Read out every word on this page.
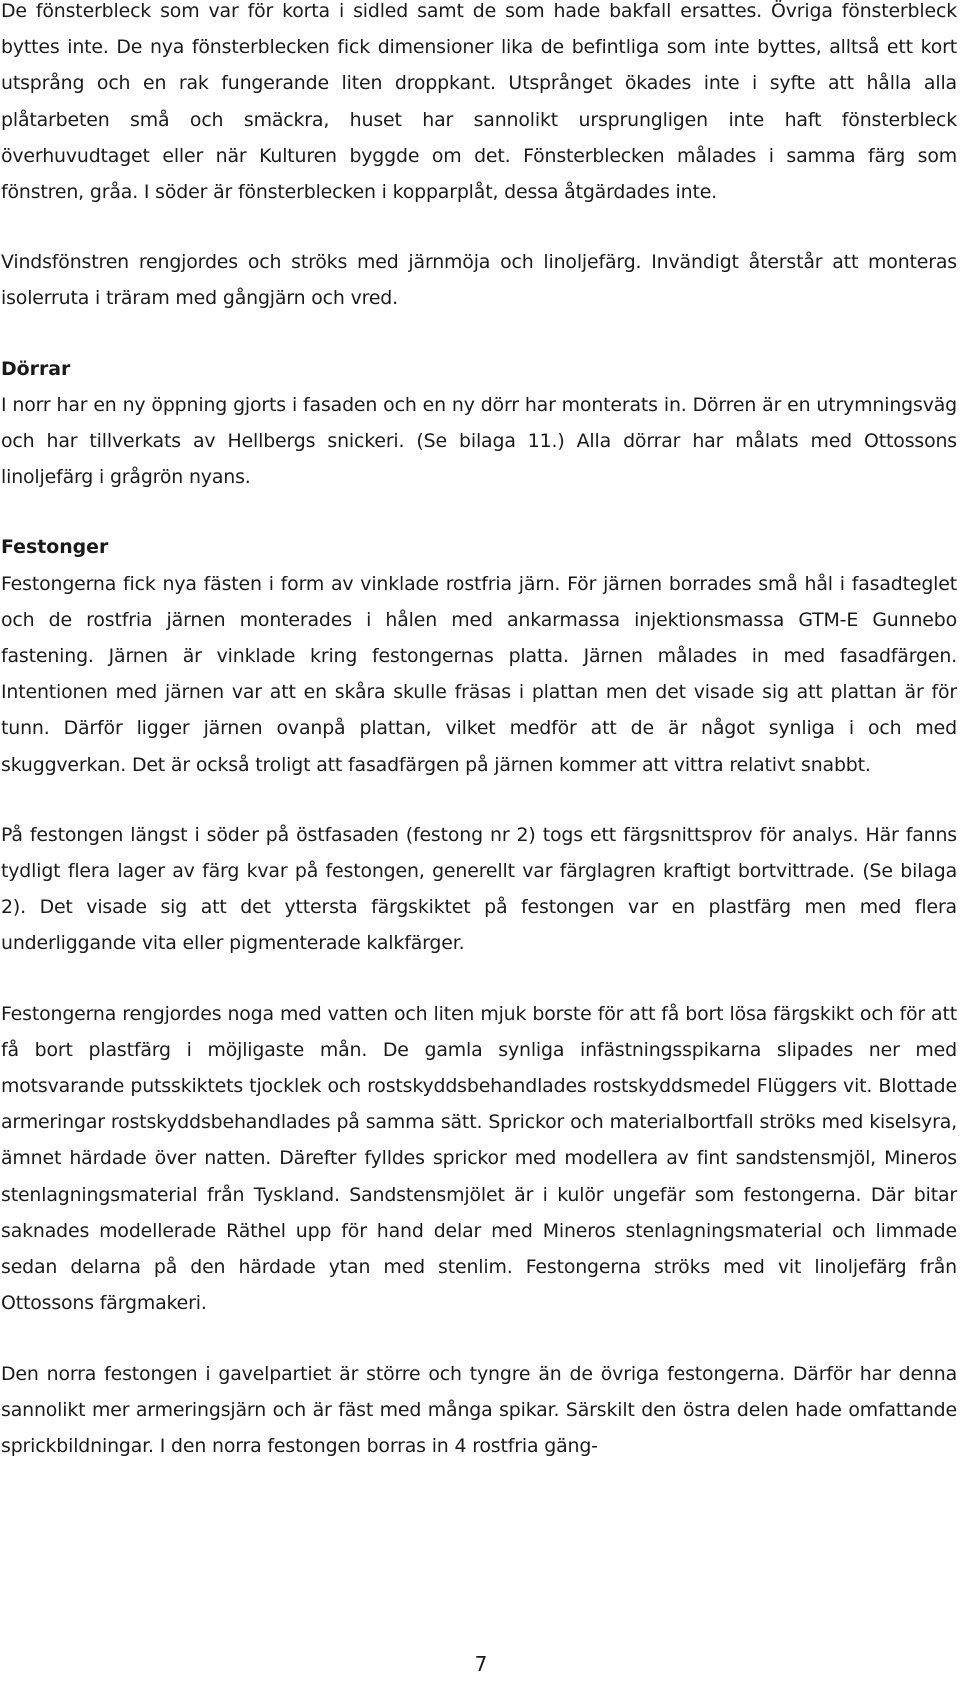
De fönsterbleck som var för korta i sidled samt de som hade bakfall ersattes. Övriga fönsterbleck byttes inte. De nya fönsterblecken fick dimensioner lika de befintliga som inte byttes, alltså ett kort utsprång och en rak fungerande liten droppkant. Utsprånget ökades inte i syfte att hålla alla plåtarbeten små och smäckra, huset har sannolikt ursprungligen inte haft fönsterbleck överhuvudtaget eller när Kulturen byggde om det. Fönsterblecken målades i samma färg som fönstren, gråa. I söder är fönsterblecken i kopparplåt, dessa åtgärdades inte.

Vindsfönstren rengjordes och ströks med järnmöja och linoljefärg. Invändigt återstår att monteras isolerruta i träram med gångjärn och vred.

Dörrar

I norr har en ny öppning gjorts i fasaden och en ny dörr har monterats in. Dörren är en utrymningsväg och har tillverkats av Hellbergs snickeri. (Se bilaga 11.) Alla dörrar har målats med Ottossons linoljefärg i grågrön nyans.

Festonger

Festongerna fick nya fästen i form av vinklade rostfria järn. För järnen borrades små hål i fasadteglet och de rostfria järnen monterades i hålen med ankarmassa injektionsmassa GTM-E Gunnebo fastening. Järnen är vinklade kring festongernas platta. Järnen målades in med fasadfärgen. Intentionen med järnen var att en skåra skulle fräsas i plattan men det visade sig att plattan är för tunn. Därför ligger järnen ovanpå plattan, vilket medför att de är något synliga i och med skuggverkan. Det är också troligt att fasadfärgen på järnen kommer att vittra relativt snabbt.

På festongen längst i söder på östfasaden (festong nr 2) togs ett färgsnittsprov för analys. Här fanns tydligt flera lager av färg kvar på festongen, generellt var färglagren kraftigt bortvittrade. (Se bilaga 2). Det visade sig att det yttersta färgskiktet på festongen var en plastfärg men med flera underliggande vita eller pigmenterade kalkfärger.

Festongerna rengjordes noga med vatten och liten mjuk borste för att få bort lösa färgskikt och för att få bort plastfärg i möjligaste mån. De gamla synliga infästningsspikarna slipades ner med motsvarande putsskiktets tjocklek och rostskyddsbehandlades rostskyddsmedel Flüggers vit. Blottade armeringar rostskyddsbehandlades på samma sätt. Sprickor och materialbortfall ströks med kiselsyra, ämnet härdade över natten. Därefter fylldes sprickor med modellera av fint sandstensmjöl, Mineros stenlagningsmaterial från Tyskland. Sandstensmjölet är i kulör ungefär som festongerna. Där bitar saknades modellerade Räthel upp för hand delar med Mineros stenlagningsmaterial och limmade sedan delarna på den härdade ytan med stenlim. Festongerna ströks med vit linoljefärg från Ottossons färgmakeri.

Den norra festongen i gavelpartiet är större och tyngre än de övriga festongerna. Därför har denna sannolikt mer armeringsjärn och är fäst med många spikar. Särskilt den östra delen hade omfattande sprickbildningar. I den norra festongen borras in 4 rostfria gäng-

7
